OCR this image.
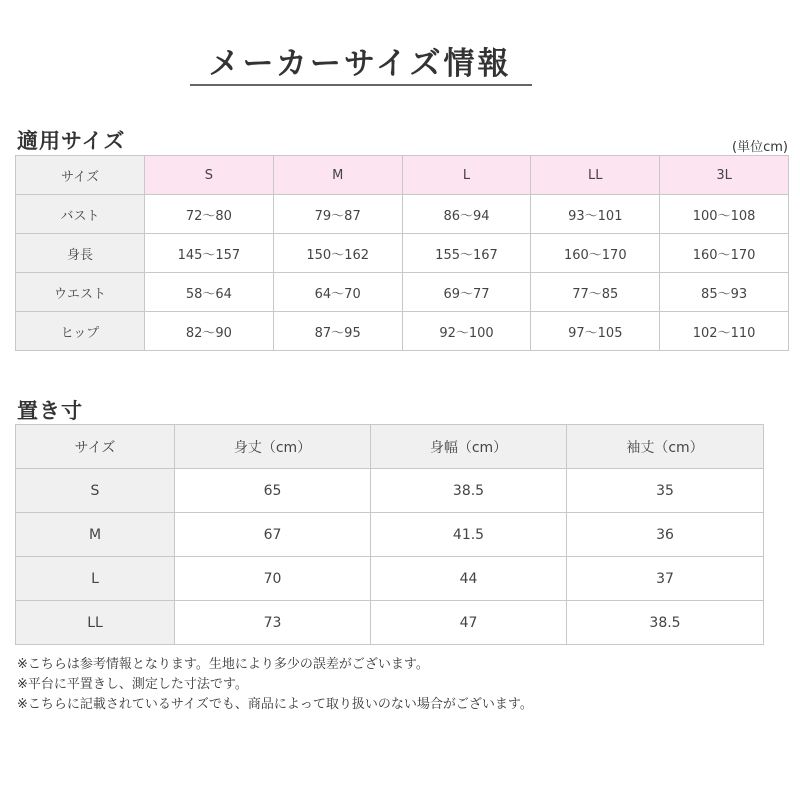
メーカーサイズ情報
適用サイズ	(単位cm)
サイズ	S	M	L	LL	3L
バスト	72～80	79～87	86～94	93～101	100～108
身長	145～157	150～162	155～167	160～170	160～170
ウエスト	58～64	64～70	69～77	77～85	85～93
ヒップ	82～90	87～95	92～100	97～105	102～110
置き寸
サイズ	身丈（cm）	身幅（cm）	袖丈（cm）
S	65	38.5	35
M	67	41.5	36
L	70	44	37
LL	73	47	38.5
※こちらは参考情報となります。生地により多少の誤差がございます。
※平台に平置きし、測定した寸法です。
※こちらに記載されているサイズでも、商品によって取り扱いのない場合がございます。
